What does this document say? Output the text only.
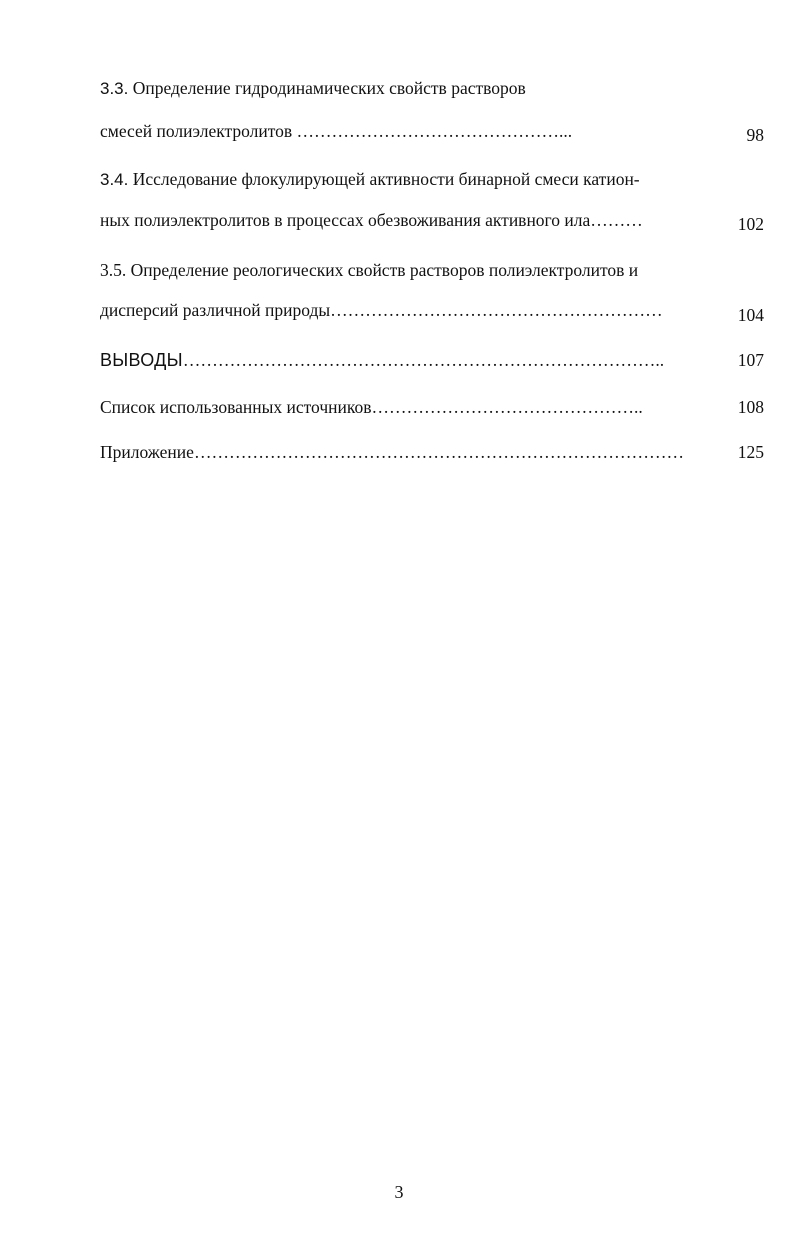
3.3. Определение гидродинамических свойств растворов
смесей полиэлектролитов ………………………………………...	98
3.4. Исследование флокулирующей активности бинарной смеси катион-
ных полиэлектролитов в процессах обезвоживания активного ила………	102
3.5. Определение реологических свойств растворов полиэлектролитов и
дисперсий различной природы…………………………………………………	104
ВЫВОДЫ………………………………………………………………………..	107
Список использованных источников………………………………………..	108
Приложение…………………………………………………………………………	125
3
